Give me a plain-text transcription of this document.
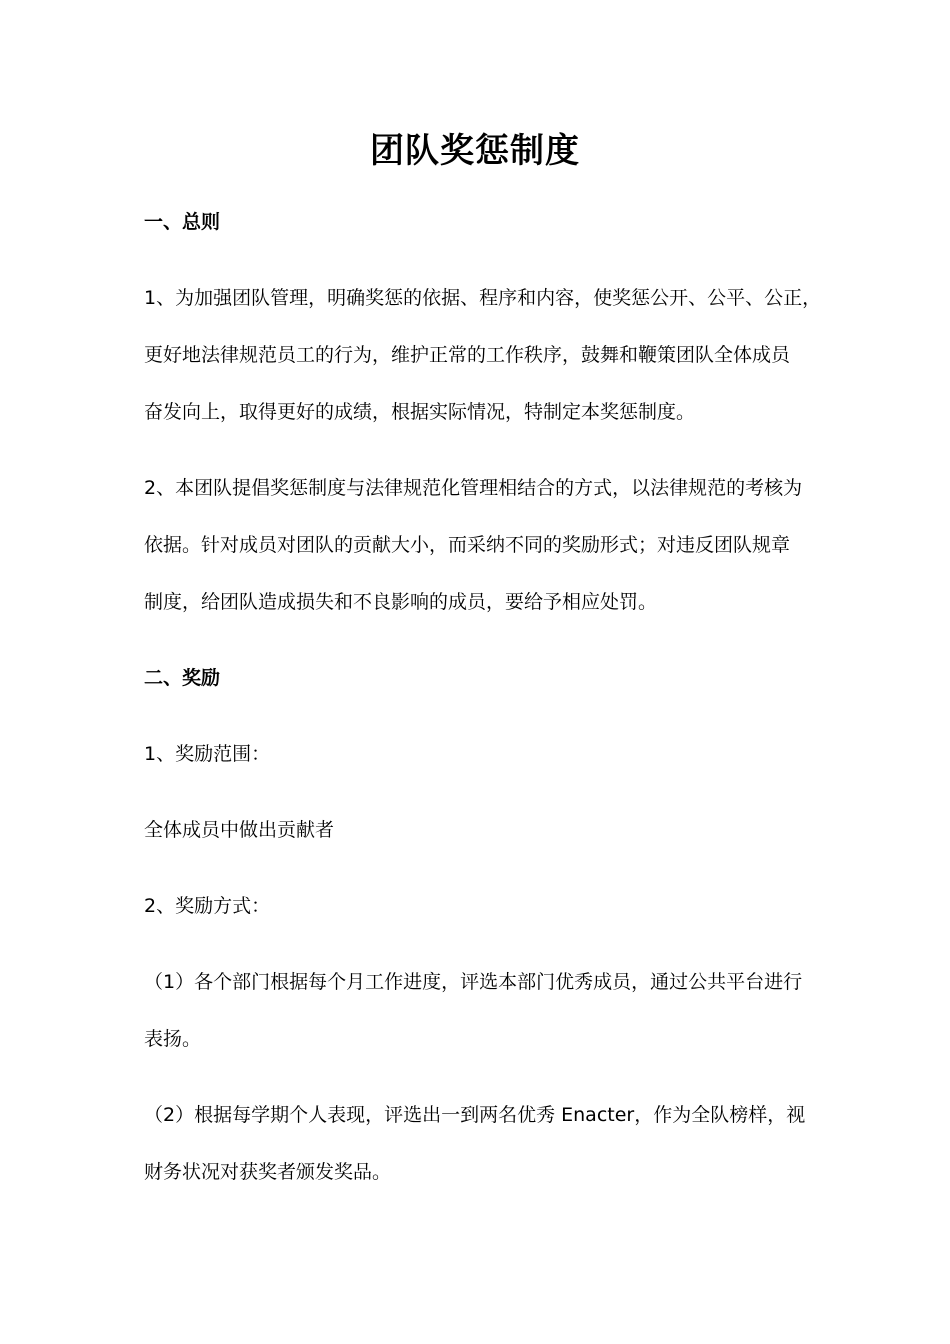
团队奖惩制度
一、总则
1、为加强团队管理，明确奖惩的依据、程序和内容，使奖惩公开、公平、公正，
更好地法律规范员工的行为，维护正常的工作秩序，鼓舞和鞭策团队全体成员
奋发向上，取得更好的成绩，根据实际情况，特制定本奖惩制度。
2、本团队提倡奖惩制度与法律规范化管理相结合的方式，以法律规范的考核为
依据。针对成员对团队的贡献大小，而采纳不同的奖励形式；对违反团队规章
制度，给团队造成损失和不良影响的成员，要给予相应处罚。
二、奖励
1、奖励范围：
全体成员中做出贡献者
2、奖励方式：
（1）各个部门根据每个月工作进度，评选本部门优秀成员，通过公共平台进行
表扬。
（2）根据每学期个人表现，评选出一到两名优秀 Enacter，作为全队榜样，视
财务状况对获奖者颁发奖品。
